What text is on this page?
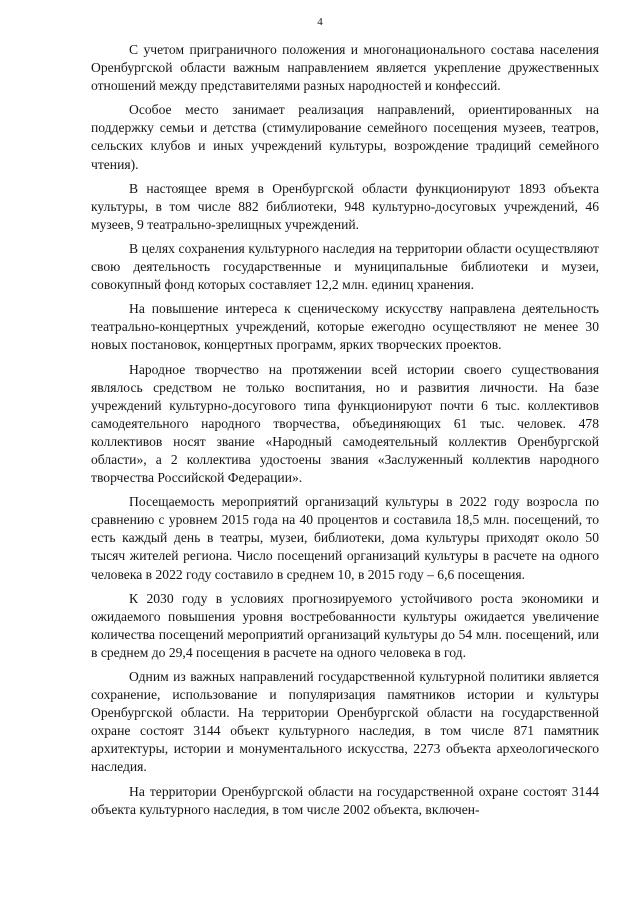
4

С учетом приграничного положения и многонационального состава населения Оренбургской области важным направлением является укрепление дружественных отношений между представителями разных народностей и конфессий.

Особое место занимает реализация направлений, ориентированных на поддержку семьи и детства (стимулирование семейного посещения музеев, театров, сельских клубов и иных учреждений культуры, возрождение традиций семейного чтения).

В настоящее время в Оренбургской области функционируют 1893 объекта культуры, в том числе 882 библиотеки, 948 культурно-досуговых учреждений, 46 музеев, 9 театрально-зрелищных учреждений.

В целях сохранения культурного наследия на территории области осуществляют свою деятельность государственные и муниципальные библиотеки и музеи, совокупный фонд которых составляет 12,2 млн. единиц хранения.

На повышение интереса к сценическому искусству направлена деятельность театрально-концертных учреждений, которые ежегодно осуществляют не менее 30 новых постановок, концертных программ, ярких творческих проектов.

Народное творчество на протяжении всей истории своего существования являлось средством не только воспитания, но и развития личности. На базе учреждений культурно-досугового типа функционируют почти 6 тыс. коллективов самодеятельного народного творчества, объединяющих 61 тыс. человек. 478 коллективов носят звание «Народный самодеятельный коллектив Оренбургской области», а 2 коллектива удостоены звания «Заслуженный коллектив народного творчества Российской Федерации».

Посещаемость мероприятий организаций культуры в 2022 году возросла по сравнению с уровнем 2015 года на 40 процентов и составила 18,5 млн. посещений, то есть каждый день в театры, музеи, библиотеки, дома культуры приходят около 50 тысяч жителей региона. Число посещений организаций культуры в расчете на одного человека в 2022 году составило в среднем 10, в 2015 году – 6,6 посещения.

К 2030 году в условиях прогнозируемого устойчивого роста экономики и ожидаемого повышения уровня востребованности культуры ожидается увеличение количества посещений мероприятий организаций культуры до 54 млн. посещений, или в среднем до 29,4 посещения в расчете на одного человека в год.

Одним из важных направлений государственной культурной политики является сохранение, использование и популяризация памятников истории и культуры Оренбургской области. На территории Оренбургской области на государственной охране состоят 3144 объект культурного наследия, в том числе 871 памятник архитектуры, истории и монументального искусства, 2273 объекта археологического наследия.

На территории Оренбургской области на государственной охране состоят 3144 объекта культурного наследия, в том числе 2002 объекта, включен-
